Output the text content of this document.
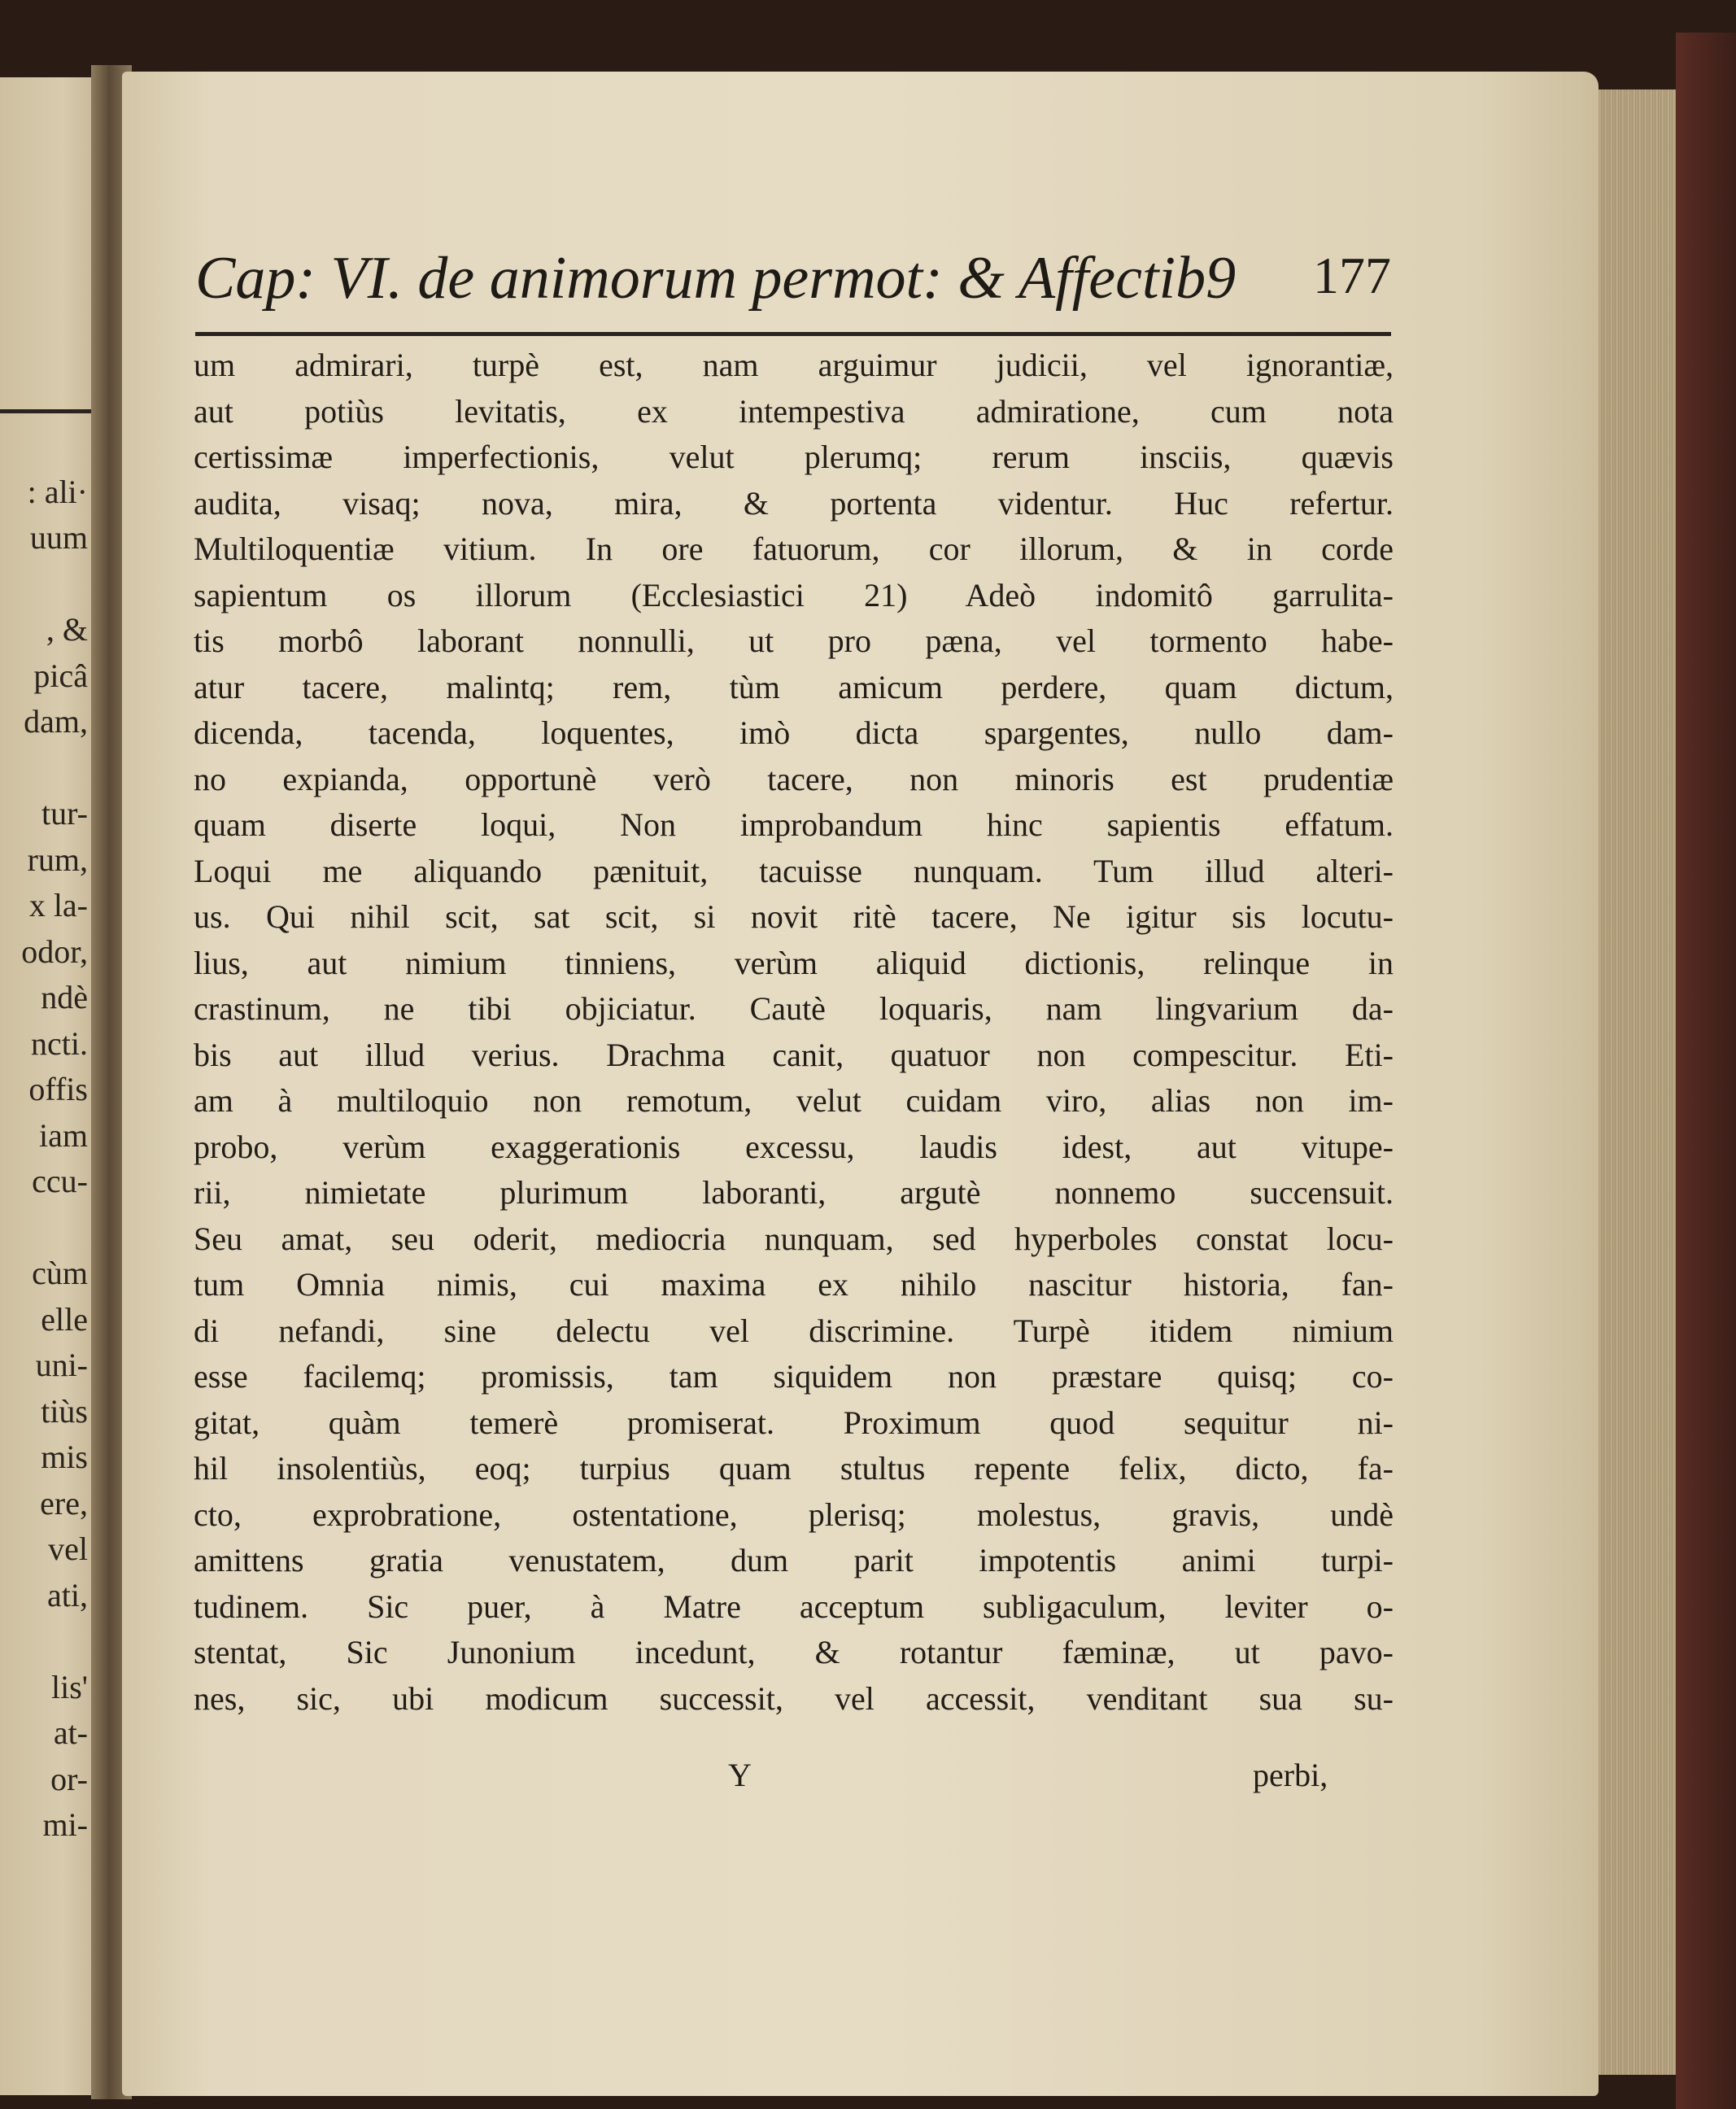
: ali·
uum

, &
picâ
dam,

tur-
rum,
x la-
odor,
ndè
ncti.
offis
iam
ccu-

cùm
elle
uni-
tiùs
mis
ere,
vel
ati,

lis'
at-
or-
mi-
Cap: VI. de animorum permot: & Affectib9 177
um admirari, turpè est, nam arguimur judicii, vel ignorantiæ,
aut potiùs levitatis, ex intempestiva admiratione, cum nota
certissimæ imperfectionis, velut plerumq; rerum insciis, quævis
audita, visaq; nova, mira, & portenta videntur. Huc refertur.
Multiloquentiæ vitium. In ore fatuorum, cor illorum, & in corde
sapientum os illorum (Ecclesiastici 21) Adeò indomitô garrulita-
tis morbô laborant nonnulli, ut pro pæna, vel tormento habe-
atur tacere, malintq; rem, tùm amicum perdere, quam dictum,
dicenda, tacenda, loquentes, imò dicta spargentes, nullo dam-
no expianda, opportunè verò tacere, non minoris est prudentiæ
quam diserte loqui, Non improbandum hinc sapientis effatum.
Loqui me aliquando pænituit, tacuisse nunquam. Tum illud alteri-
us. Qui nihil scit, sat scit, si novit ritè tacere, Ne igitur sis locutu-
lius, aut nimium tinniens, verùm aliquid dictionis, relinque in
crastinum, ne tibi objiciatur. Cautè loquaris, nam lingvarium da-
bis aut illud verius. Drachma canit, quatuor non compescitur. Eti-
am à multiloquio non remotum, velut cuidam viro, alias non im-
probo, verùm exaggerationis excessu, laudis idest, aut vitupe-
rii, nimietate plurimum laboranti, argutè nonnemo succensuit.
Seu amat, seu oderit, mediocria nunquam, sed hyperboles constat locu-
tum Omnia nimis, cui maxima ex nihilo nascitur historia, fan-
di nefandi, sine delectu vel discrimine. Turpè itidem nimium
esse facilemq; promissis, tam siquidem non præstare quisq; co-
gitat, quàm temerè promiserat. Proximum quod sequitur ni-
hil insolentiùs, eoq; turpius quam stultus repente felix, dicto, fa-
cto, exprobratione, ostentatione, plerisq; molestus, gravis, undè
amittens gratia venustatem, dum parit impotentis animi turpi-
tudinem. Sic puer, à Matre acceptum subligaculum, leviter o-
stentat, Sic Junonium incedunt, & rotantur fæminæ, ut pavo-
nes, sic, ubi modicum successit, vel accessit, venditant sua su-
Y	perbi,
